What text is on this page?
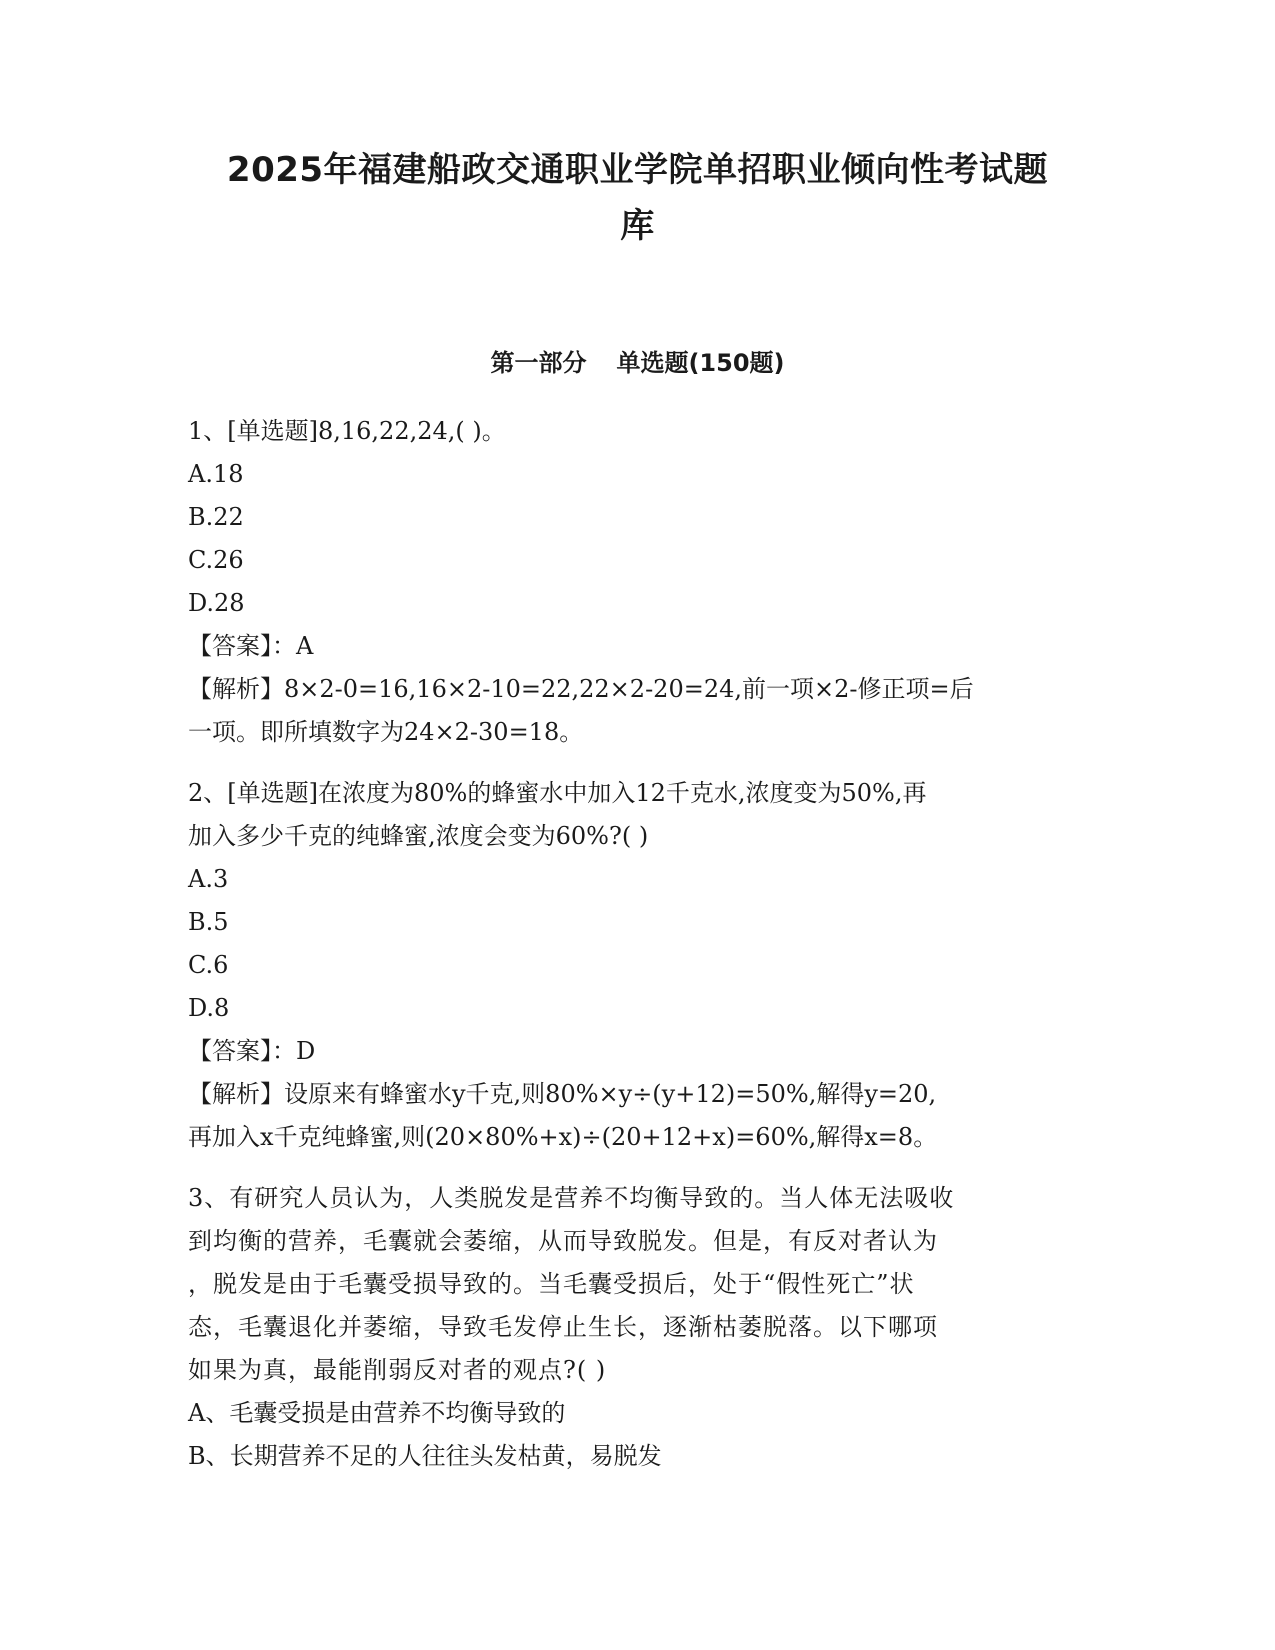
2025年福建船政交通职业学院单招职业倾向性考试题
库
第一部分 单选题(150题)
1、[单选题]8,16,22,24,( )。
A.18
B.22
C.26
D.28
【答案】：A
【解析】8×2-0=16,16×2-10=22,22×2-20=24,前一项×2-修正项=后
一项。即所填数字为24×2-30=18。
2、[单选题]在浓度为80%的蜂蜜水中加入12千克水,浓度变为50%,再
加入多少千克的纯蜂蜜,浓度会变为60%?( )
A.3
B.5
C.6
D.8
【答案】：D
【解析】设原来有蜂蜜水y千克,则80%×y÷(y+12)=50%,解得y=20,
再加入x千克纯蜂蜜,则(20×80%+x)÷(20+12+x)=60%,解得x=8。
3、有研究人员认为，人类脱发是营养不均衡导致的。当人体无法吸收
到均衡的营养，毛囊就会萎缩，从而导致脱发。但是，有反对者认为
，脱发是由于毛囊受损导致的。当毛囊受损后，处于“假性死亡”状
态，毛囊退化并萎缩，导致毛发停止生长，逐渐枯萎脱落。以下哪项
如果为真，最能削弱反对者的观点?( )
A、毛囊受损是由营养不均衡导致的
B、长期营养不足的人往往头发枯黄，易脱发
